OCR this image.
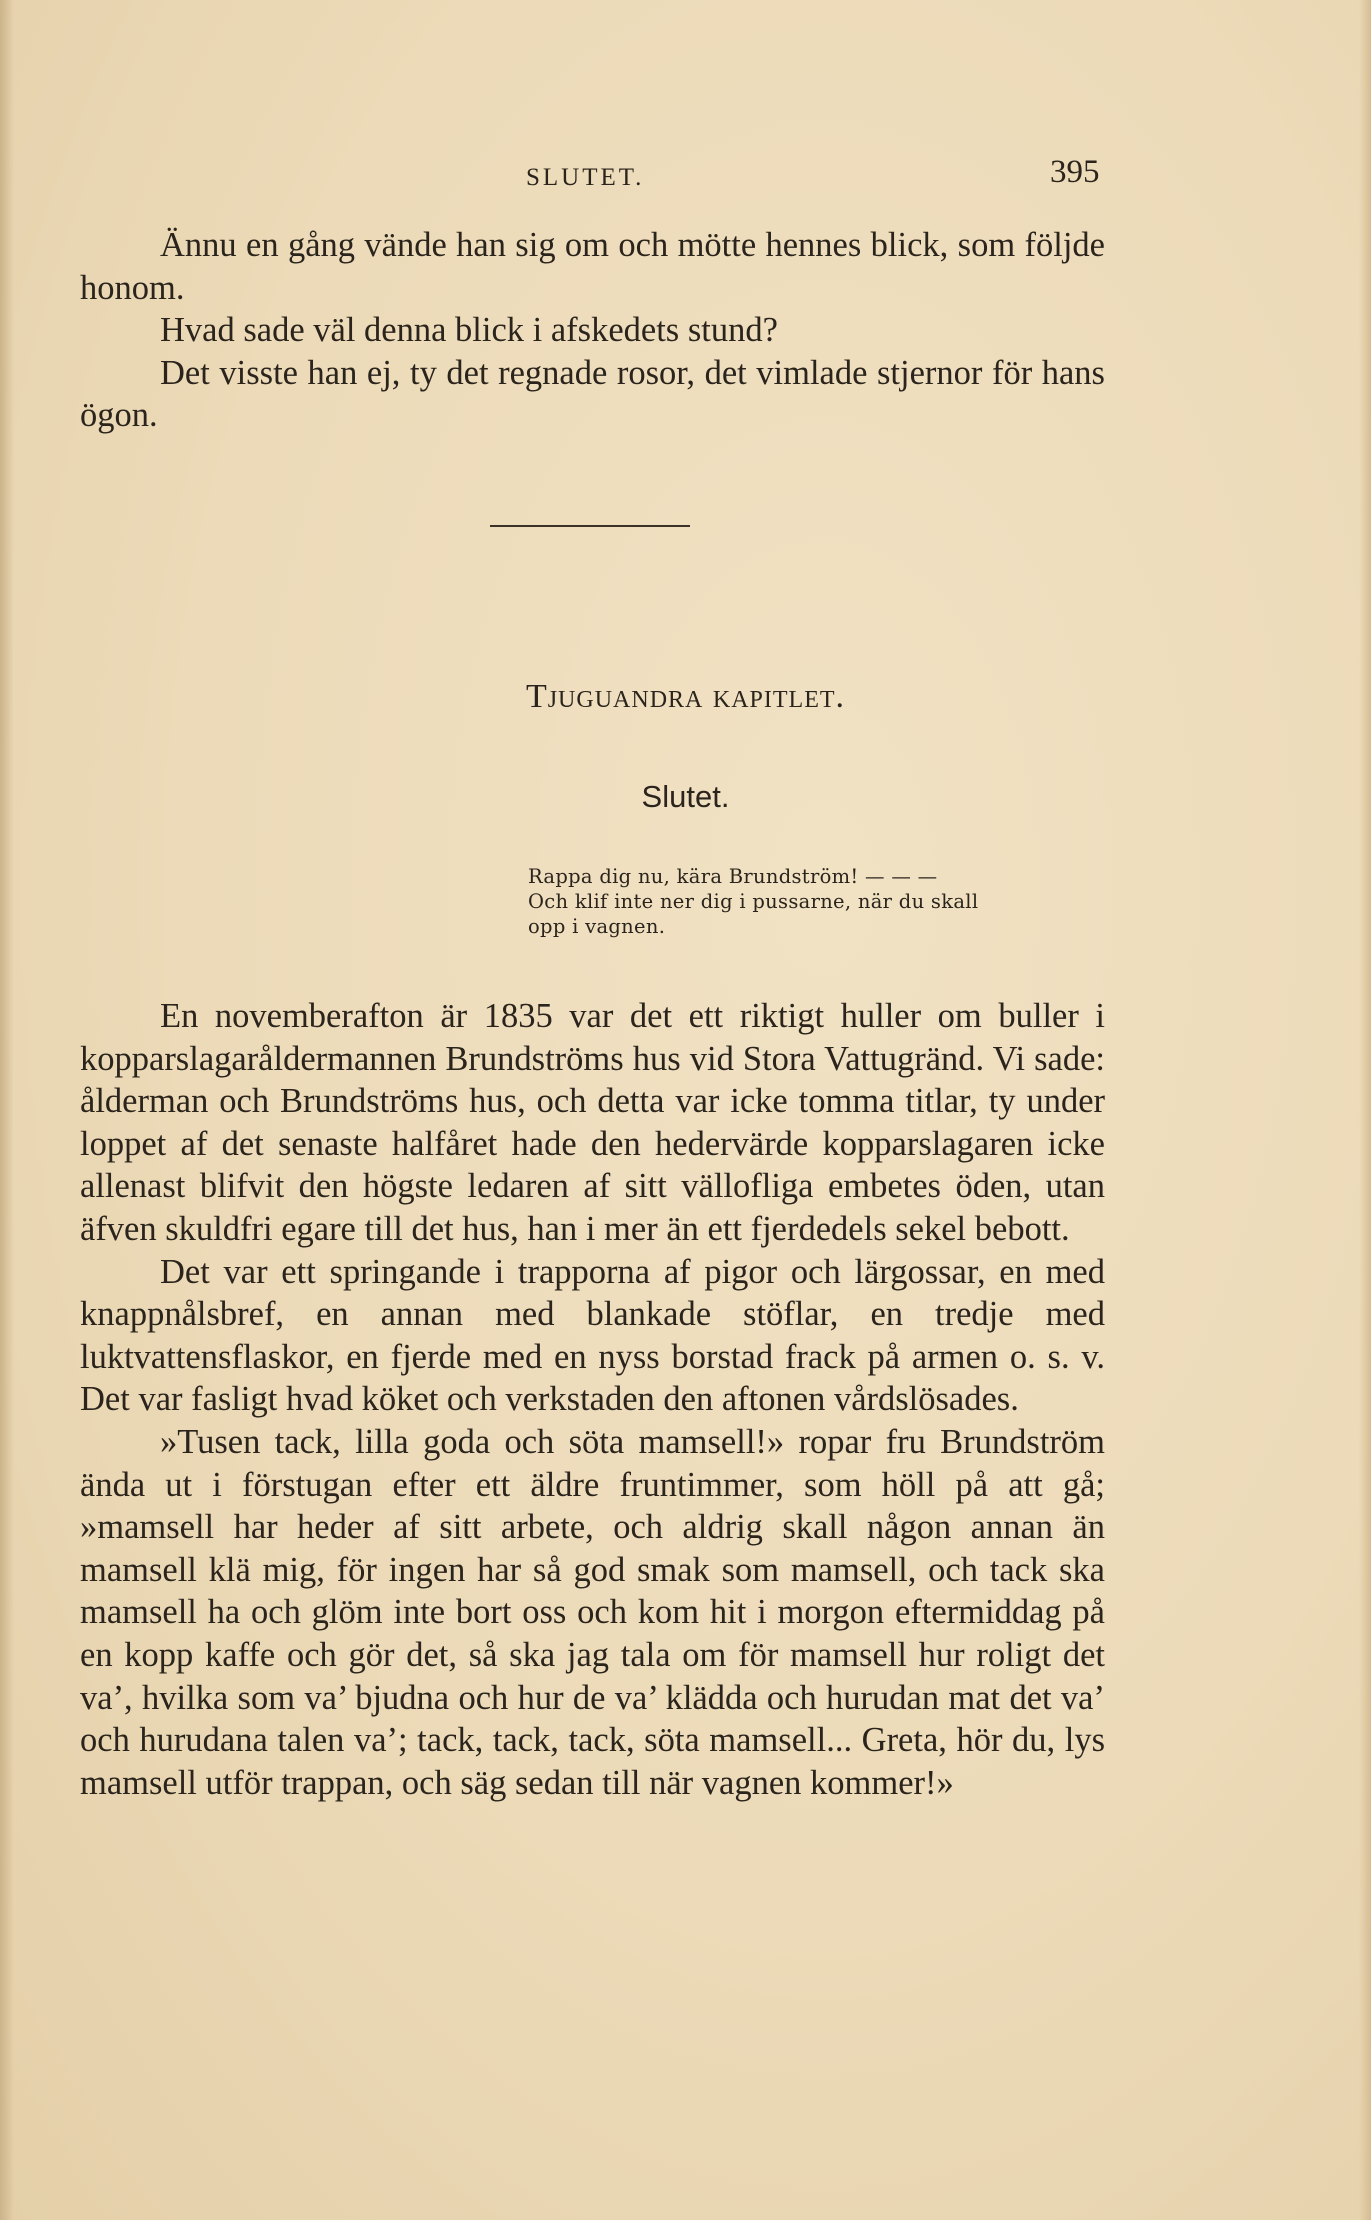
SLUTET.	395

Ännu en gång vände han sig om och mötte hennes blick, som följde honom.

Hvad sade väl denna blick i afskedets stund?

Det visste han ej, ty det regnade rosor, det vimlade stjernor för hans ögon.

Tjuguandra kapitlet.
Slutet.
Rappa dig nu, kära Brundström! — — —
Och klif inte ner dig i pussarne, när du skall
opp i vagnen.

En novemberafton är 1835 var det ett riktigt huller om buller i kopparslagaråldermannen Brundströms hus vid Stora Vattugränd. Vi sade: ålderman och Brundströms hus, och detta var icke tomma titlar, ty under loppet af det senaste halfåret hade den hedervärde kopparslagaren icke allenast blifvit den högste ledaren af sitt vällofliga embetes öden, utan äfven skuldfri egare till det hus, han i mer än ett fjerdedels sekel bebott.

Det var ett springande i trapporna af pigor och lärgossar, en med knappnålsbref, en annan med blankade stöflar, en tredje med luktvattensflaskor, en fjerde med en nyss borstad frack på armen o. s. v. Det var fasligt hvad köket och verkstaden den aftonen vårdslösades.

»Tusen tack, lilla goda och söta mamsell!» ropar fru Brundström ända ut i förstugan efter ett äldre fruntimmer, som höll på att gå; »mamsell har heder af sitt arbete, och aldrig skall någon annan än mamsell klä mig, för ingen har så god smak som mamsell, och tack ska mamsell ha och glöm inte bort oss och kom hit i morgon eftermiddag på en kopp kaffe och gör det, så ska jag tala om för mamsell hur roligt det va’, hvilka som va’ bjudna och hur de va’ klädda och hurudan mat det va’ och hurudana talen va’; tack, tack, tack, söta mamsell... Greta, hör du, lys mamsell utför trappan, och säg sedan till när vagnen kommer!»
